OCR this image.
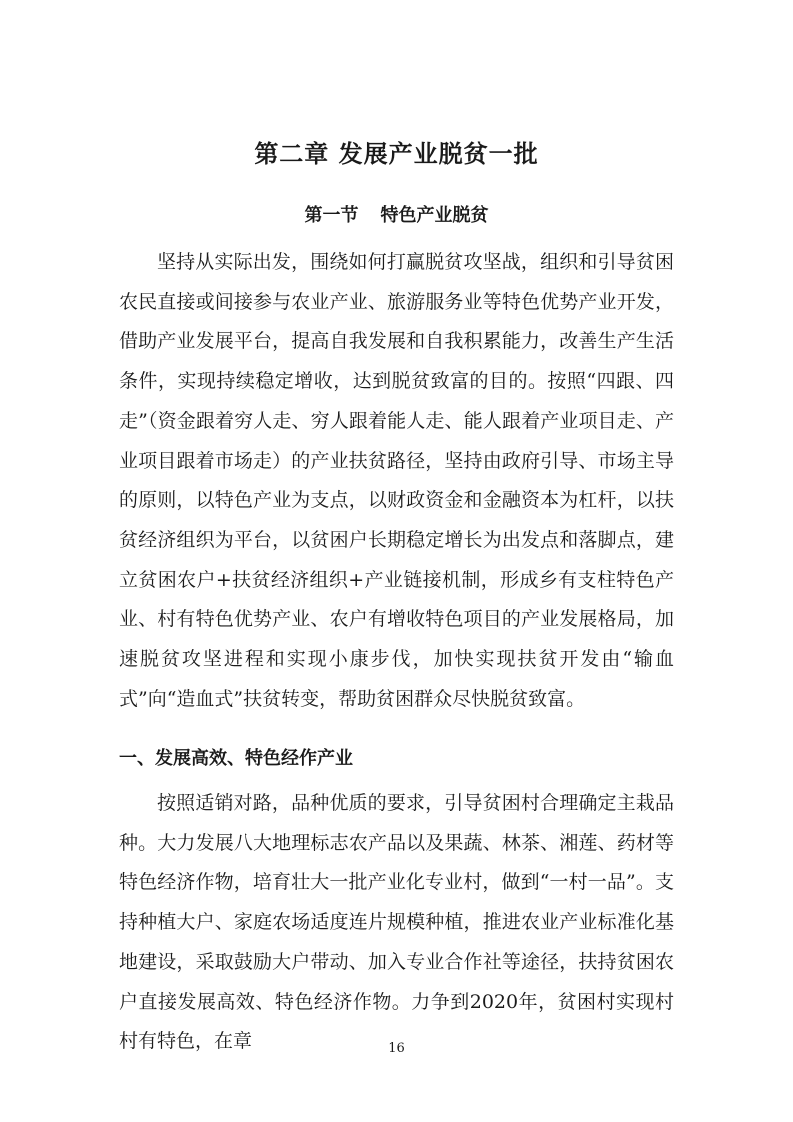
第二章 发展产业脱贫一批
第一节 特色产业脱贫

坚持从实际出发，围绕如何打赢脱贫攻坚战，组织和引导贫困农民直接或间接参与农业产业、旅游服务业等特色优势产业开发，借助产业发展平台，提高自我发展和自我积累能力，改善生产生活条件，实现持续稳定增收，达到脱贫致富的目的。按照“四跟、四走”（资金跟着穷人走、穷人跟着能人走、能人跟着产业项目走、产业项目跟着市场走）的产业扶贫路径，坚持由政府引导、市场主导的原则，以特色产业为支点，以财政资金和金融资本为杠杆，以扶贫经济组织为平台，以贫困户长期稳定增长为出发点和落脚点，建立贫困农户+扶贫经济组织+产业链接机制，形成乡有支柱特色产业、村有特色优势产业、农户有增收特色项目的产业发展格局，加速脱贫攻坚进程和实现小康步伐，加快实现扶贫开发由“输血式”向“造血式”扶贫转变，帮助贫困群众尽快脱贫致富。

一、发展高效、特色经作产业

按照适销对路，品种优质的要求，引导贫困村合理确定主栽品种。大力发展八大地理标志农产品以及果蔬、林茶、湘莲、药材等特色经济作物，培育壮大一批产业化专业村，做到“一村一品”。支持种植大户、家庭农场适度连片规模种植，推进农业产业标准化基地建设，采取鼓励大户带动、加入专业合作社等途径，扶持贫困农户直接发展高效、特色经济作物。力争到2020年，贫困村实现村村有特色，在章	16
